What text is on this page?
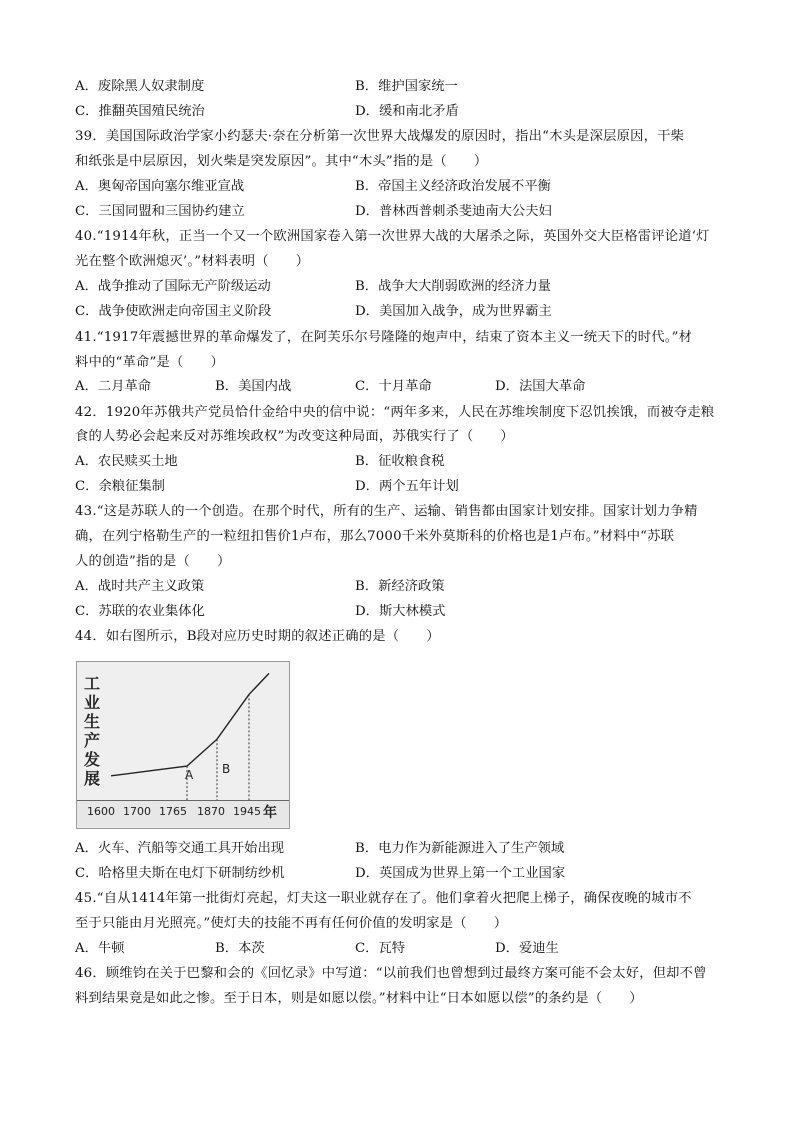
A．废除黑人奴隶制度	B．维护国家统一
C．推翻英国殖民统治	D．缓和南北矛盾
39．美国国际政治学家小约瑟夫·奈在分析第一次世界大战爆发的原因时，指出“木头是深层原因，干柴
和纸张是中层原因，划火柴是突发原因”。其中“木头”指的是（　　）
A．奥匈帝国向塞尔维亚宣战	B．帝国主义经济政治发展不平衡
C．三国同盟和三国协约建立	D．普林西普刺杀斐迪南大公夫妇
40.“1914年秋，正当一个又一个欧洲国家卷入第一次世界大战的大屠杀之际，英国外交大臣格雷评论道‘灯
光在整个欧洲熄灭’。”材料表明（　　）
A．战争推动了国际无产阶级运动	B．战争大大削弱欧洲的经济力量
C．战争使欧洲走向帝国主义阶段	D．美国加入战争，成为世界霸主
41.“1917年震撼世界的革命爆发了，在阿芙乐尔号隆隆的炮声中，结束了资本主义一统天下的时代。”材
料中的“革命”是（　　）
A．二月革命	B．美国内战	C．十月革命	D．法国大革命
42．1920年苏俄共产党员恰什金给中央的信中说：“两年多来，人民在苏维埃制度下忍饥挨饿，而被夺走粮
食的人势必会起来反对苏维埃政权”为改变这种局面，苏俄实行了（　　）
A．农民赎买土地	B．征收粮食税
C．余粮征集制	D．两个五年计划
43.“这是苏联人的一个创造。在那个时代，所有的生产、运输、销售都由国家计划安排。国家计划力争精
确，在列宁格勒生产的一粒纽扣售价1卢布，那么7000千米外莫斯科的价格也是1卢布。”材料中“苏联
人的创造”指的是（　　）
A．战时共产主义政策	B．新经济政策
C．苏联的农业集体化	D．斯大林模式
44．如右图所示，B段对应历史时期的叙述正确的是（　　）
工
业
生
产
发
展
1600 1700 1765 1870 1945 年
A B
A．火车、汽船等交通工具开始出现	B．电力作为新能源进入了生产领域
C．哈格里夫斯在电灯下研制纺纱机	D．英国成为世界上第一个工业国家
45.“自从1414年第一批街灯亮起，灯夫这一职业就存在了。他们拿着火把爬上梯子，确保夜晚的城市不
至于只能由月光照亮。”使灯夫的技能不再有任何价值的发明家是（　　）
A．牛顿	B．本茨	C．瓦特	D．爱迪生
46．顾维钧在关于巴黎和会的《回忆录》中写道：“以前我们也曾想到过最终方案可能不会太好，但却不曾
料到结果竟是如此之惨。至于日本，则是如愿以偿。”材料中让“日本如愿以偿”的条约是（　　）
